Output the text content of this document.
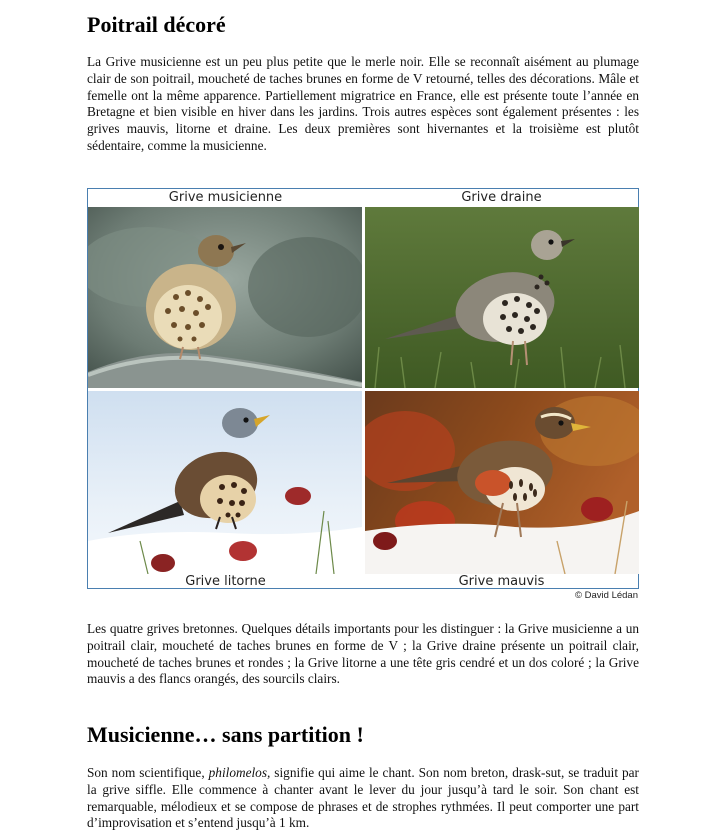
Poitrail décoré

La Grive musicienne est un peu plus petite que le merle noir. Elle se reconnaît aisément au plumage clair de son poitrail, moucheté de taches brunes en forme de V retourné, telles des décorations. Mâle et femelle ont la même apparence. Partiellement migratrice en France, elle est présente toute l’année en Bretagne et bien visible en hiver dans les jardins. Trois autres espèces sont également présentes : les grives mauvis, litorne et draine. Les deux premières sont hivernantes et la troisième est plutôt sédentaire, comme la musicienne.

Grive musicienne	Grive draine
Grive litorne	Grive mauvis
© David Lédan

Les quatre grives bretonnes. Quelques détails importants pour les distinguer : la Grive musicienne a un poitrail clair, moucheté de taches brunes en forme de V ; la Grive draine présente un poitrail clair, moucheté de taches brunes et rondes ; la Grive litorne a une tête gris cendré et un dos coloré ; la Grive mauvis a des flancs orangés, des sourcils clairs.

Musicienne… sans partition !

Son nom scientifique, philomelos, signifie qui aime le chant. Son nom breton, drask-sut, se traduit par la grive siffle. Elle commence à chanter avant le lever du jour jusqu’à tard le soir. Son chant est remarquable, mélodieux et se compose de phrases et de strophes rythmées. Il peut comporter une part d’improvisation et s’entend jusqu’à 1 km.
